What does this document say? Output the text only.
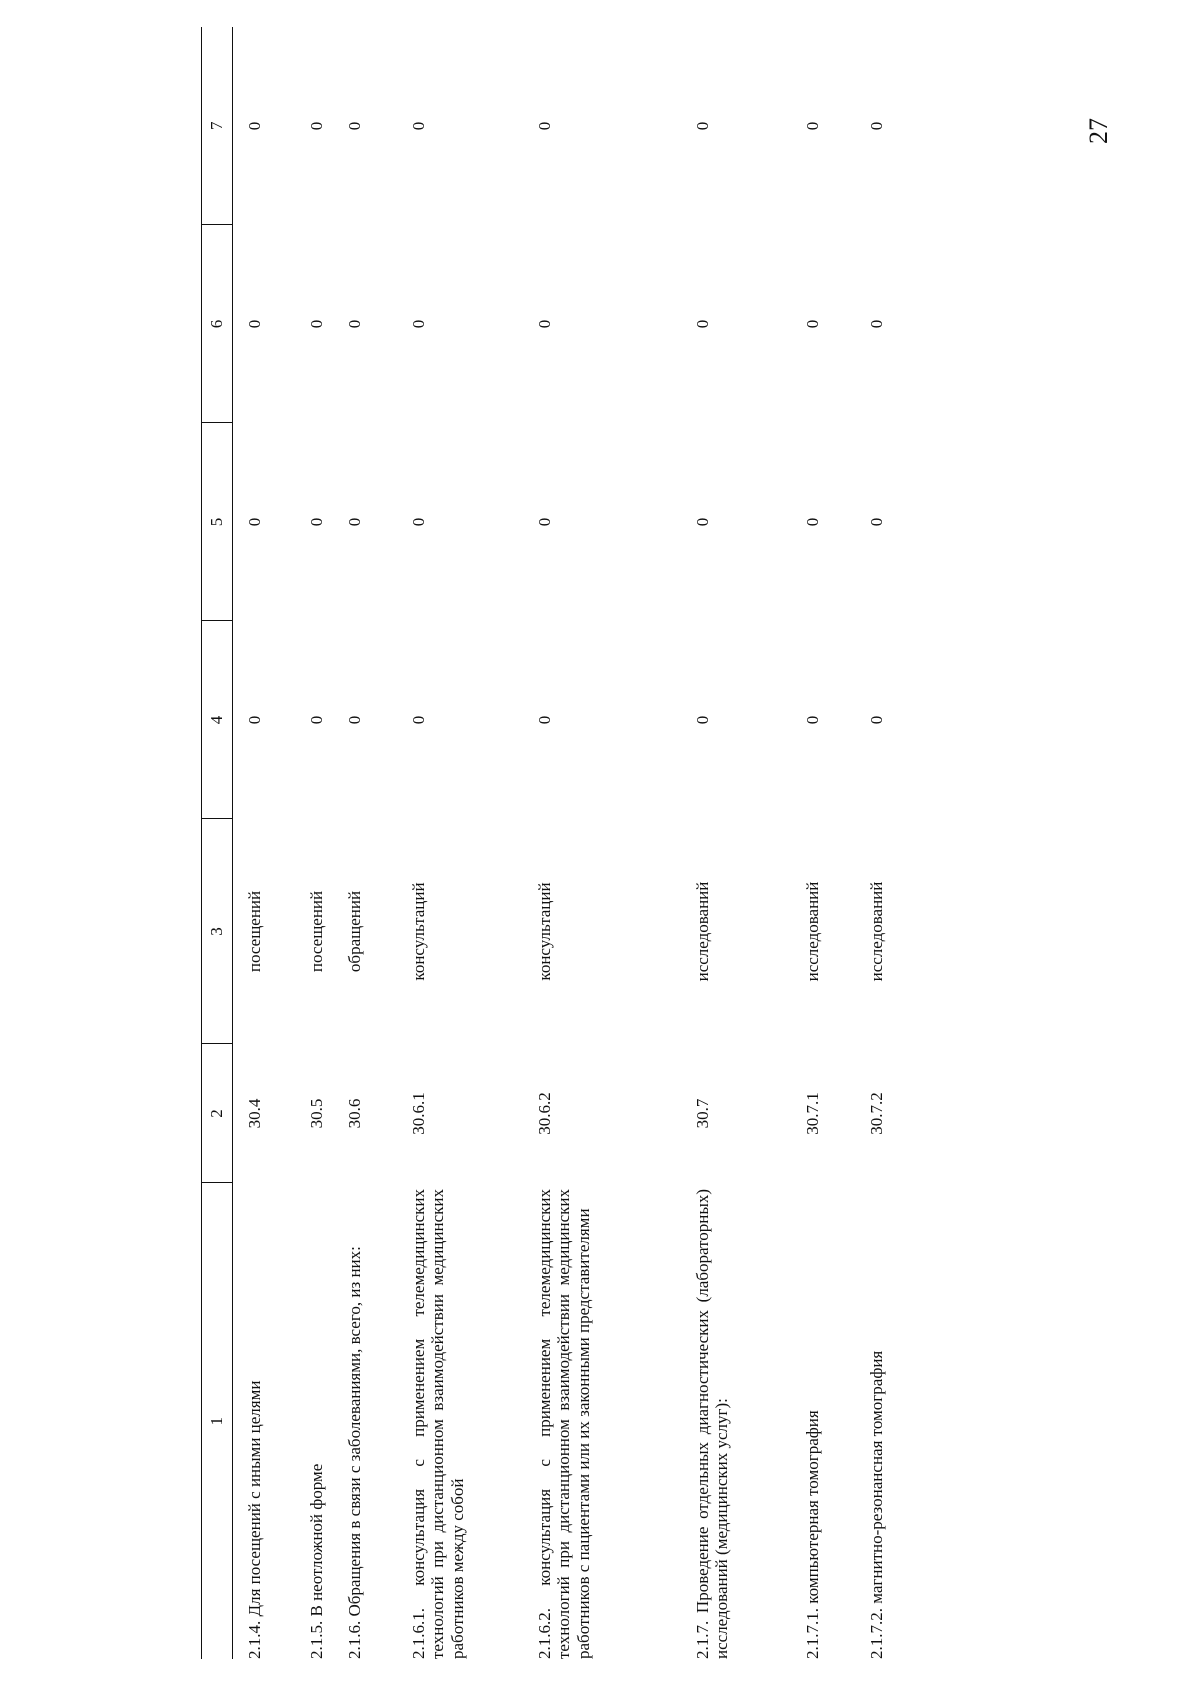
27
1	2	3	4	5	6	7
2.1.4. Для посещений с иными целями	30.4	посещений	0	0	0	0
2.1.5. В неотложной форме	30.5	посещений	0	0	0	0
2.1.6. Обращения в связи с заболеваниями, всего, из них:	30.6	обращений	0	0	0	0
2.1.6.1. консультация с применением телемедицинских технологий при дистанционном взаимодействии медицинских работников между собой	30.6.1	консультаций	0	0	0	0
2.1.6.2. консультация с применением телемедицинских технологий при дистанционном взаимодействии медицинских работников с пациентами или их законными представителями	30.6.2	консультаций	0	0	0	0
2.1.7. Проведение отдельных диагностических (лабораторных) исследований (медицинских услуг):	30.7	исследований	0	0	0	0
2.1.7.1. компьютерная томография	30.7.1	исследований	0	0	0	0
2.1.7.2. магнитно-резонансная томография	30.7.2	исследований	0	0	0	0
